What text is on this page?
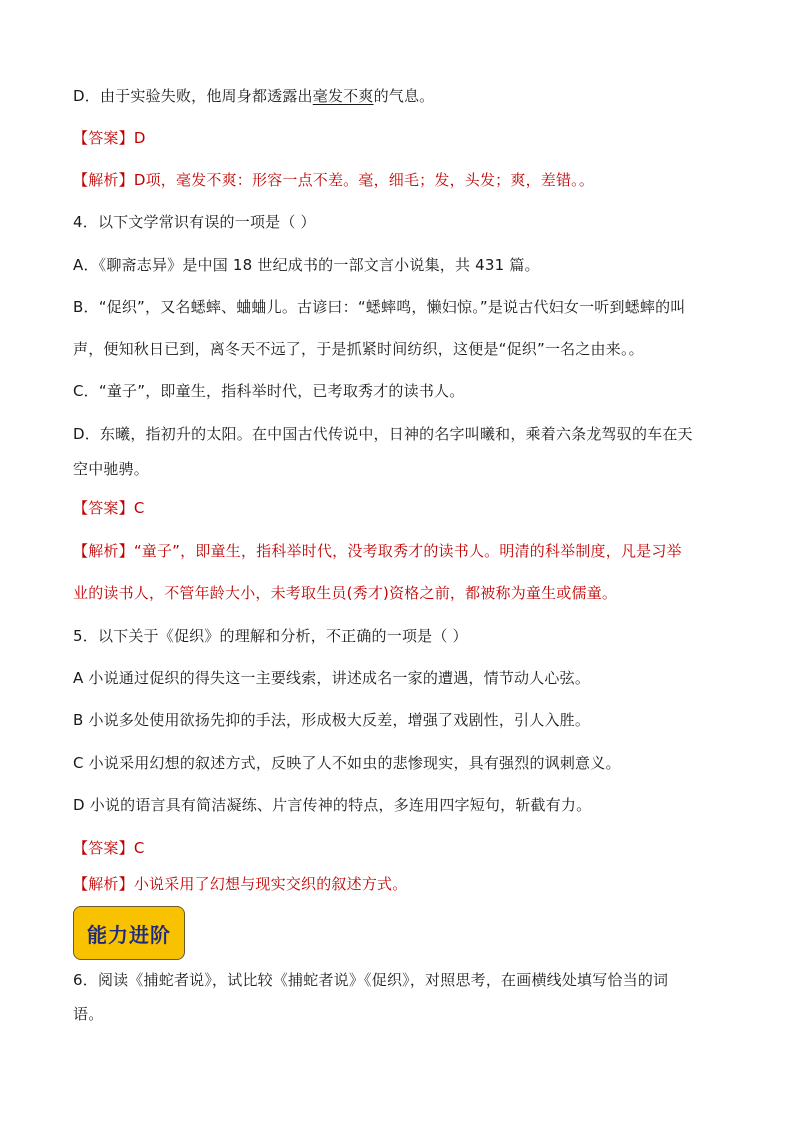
D．由于实验失败，他周身都透露出毫发不爽的气息。
【答案】D
【解析】D项，毫发不爽：形容一点不差。毫，细毛；发，头发；爽，差错。。
4．以下文学常识有误的一项是（ ）
A．《聊斋志异》是中国 18 世纪成书的一部文言小说集，共 431 篇。
B．“促织”，又名蟋蟀、蛐蛐儿。古谚曰：“蟋蟀鸣，懒妇惊。”是说古代妇女一听到蟋蟀的叫
声，便知秋日已到，离冬天不远了，于是抓紧时间纺织，这便是“促织”一名之由来。。
C．“童子”，即童生，指科举时代，已考取秀才的读书人。
D．东曦，指初升的太阳。在中国古代传说中，日神的名字叫曦和，乘着六条龙驾驭的车在天
空中驰骋。
【答案】C
【解析】“童子”，即童生，指科举时代，没考取秀才的读书人。明清的科举制度，凡是习举
业的读书人，不管年龄大小，未考取生员(秀才)资格之前，都被称为童生或儒童。
5．以下关于《促织》的理解和分析，不正确的一项是（ ）
A 小说通过促织的得失这一主要线索，讲述成名一家的遭遇，情节动人心弦。
B 小说多处使用欲扬先抑的手法，形成极大反差，增强了戏剧性，引人入胜。
C 小说采用幻想的叙述方式，反映了人不如虫的悲惨现实，具有强烈的讽刺意义。
D 小说的语言具有简洁凝练、片言传神的特点，多连用四字短句，斩截有力。
【答案】C
【解析】小说采用了幻想与现实交织的叙述方式。
能力进阶
6．阅读《捕蛇者说》，试比较《捕蛇者说》《促织》，对照思考，在画横线处填写恰当的词
语。
